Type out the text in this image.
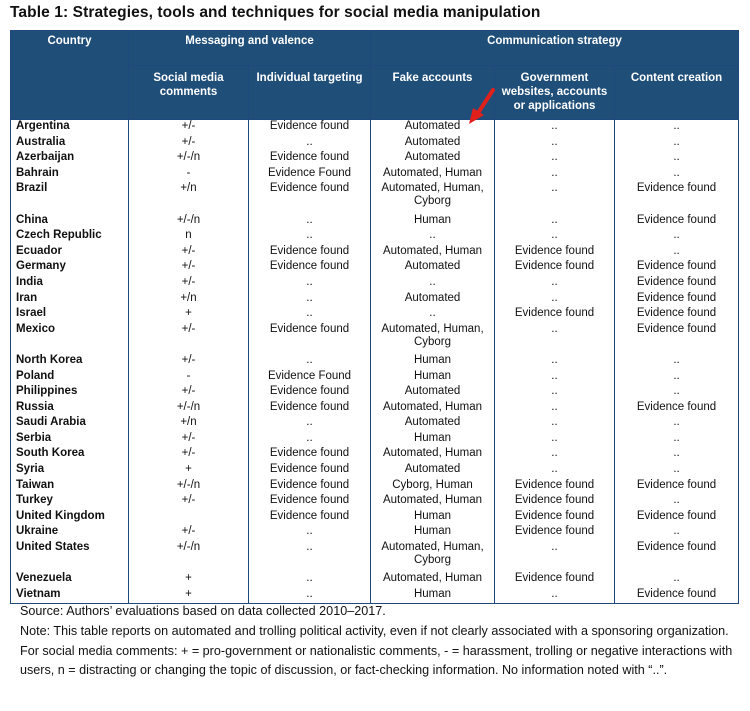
Table 1: Strategies, tools and techniques for social media manipulation
Country	Messaging and valence		Communication strategy		
	Social media comments	Individual targeting	Fake accounts	Government websites, accounts or applications	Content creation
Argentina	+/-	Evidence found	Automated	..	..
Australia	+/-	..	Automated	..	..
Azerbaijan	+/-/n	Evidence found	Automated	..	..
Bahrain	-	Evidence Found	Automated, Human	..	..
Brazil	+/n	Evidence found	Automated, Human, Cyborg	..	Evidence found
China	+/-/n	..	Human	..	Evidence found
Czech Republic	n	..	..	..	..
Ecuador	+/-	Evidence found	Automated, Human	Evidence found	..
Germany	+/-	Evidence found	Automated	Evidence found	Evidence found
India	+/-	..	..	..	Evidence found
Iran	+/n	..	Automated	..	Evidence found
Israel	+	..	..	Evidence found	Evidence found
Mexico	+/-	Evidence found	Automated, Human, Cyborg	..	Evidence found
North Korea	+/-	..	Human	..	..
Poland	-	Evidence Found	Human	..	..
Philippines	+/-	Evidence found	Automated	..	..
Russia	+/-/n	Evidence found	Automated, Human	..	Evidence found
Saudi Arabia	+/n	..	Automated	..	..
Serbia	+/-	..	Human	..	..
South Korea	+/-	Evidence found	Automated, Human	..	..
Syria	+	Evidence found	Automated	..	..
Taiwan	+/-/n	Evidence found	Cyborg, Human	Evidence found	Evidence found
Turkey	+/-	Evidence found	Automated, Human	Evidence found	..
United Kingdom		Evidence found	Human	Evidence found	Evidence found
Ukraine	+/-	..	Human	Evidence found	..
United States	+/-/n	..	Automated, Human, Cyborg	..	Evidence found
Venezuela	+	..	Automated, Human	Evidence found	..
Vietnam	+	..	Human	..	Evidence found

Source: Authors’ evaluations based on data collected 2010–2017.

Note: This table reports on automated and trolling political activity, even if not clearly associated with a sponsoring organization. For social media comments: + = pro-government or nationalistic comments, - = harassment, trolling or negative interactions with users, n = distracting or changing the topic of discussion, or fact-checking information. No information noted with “..”.
